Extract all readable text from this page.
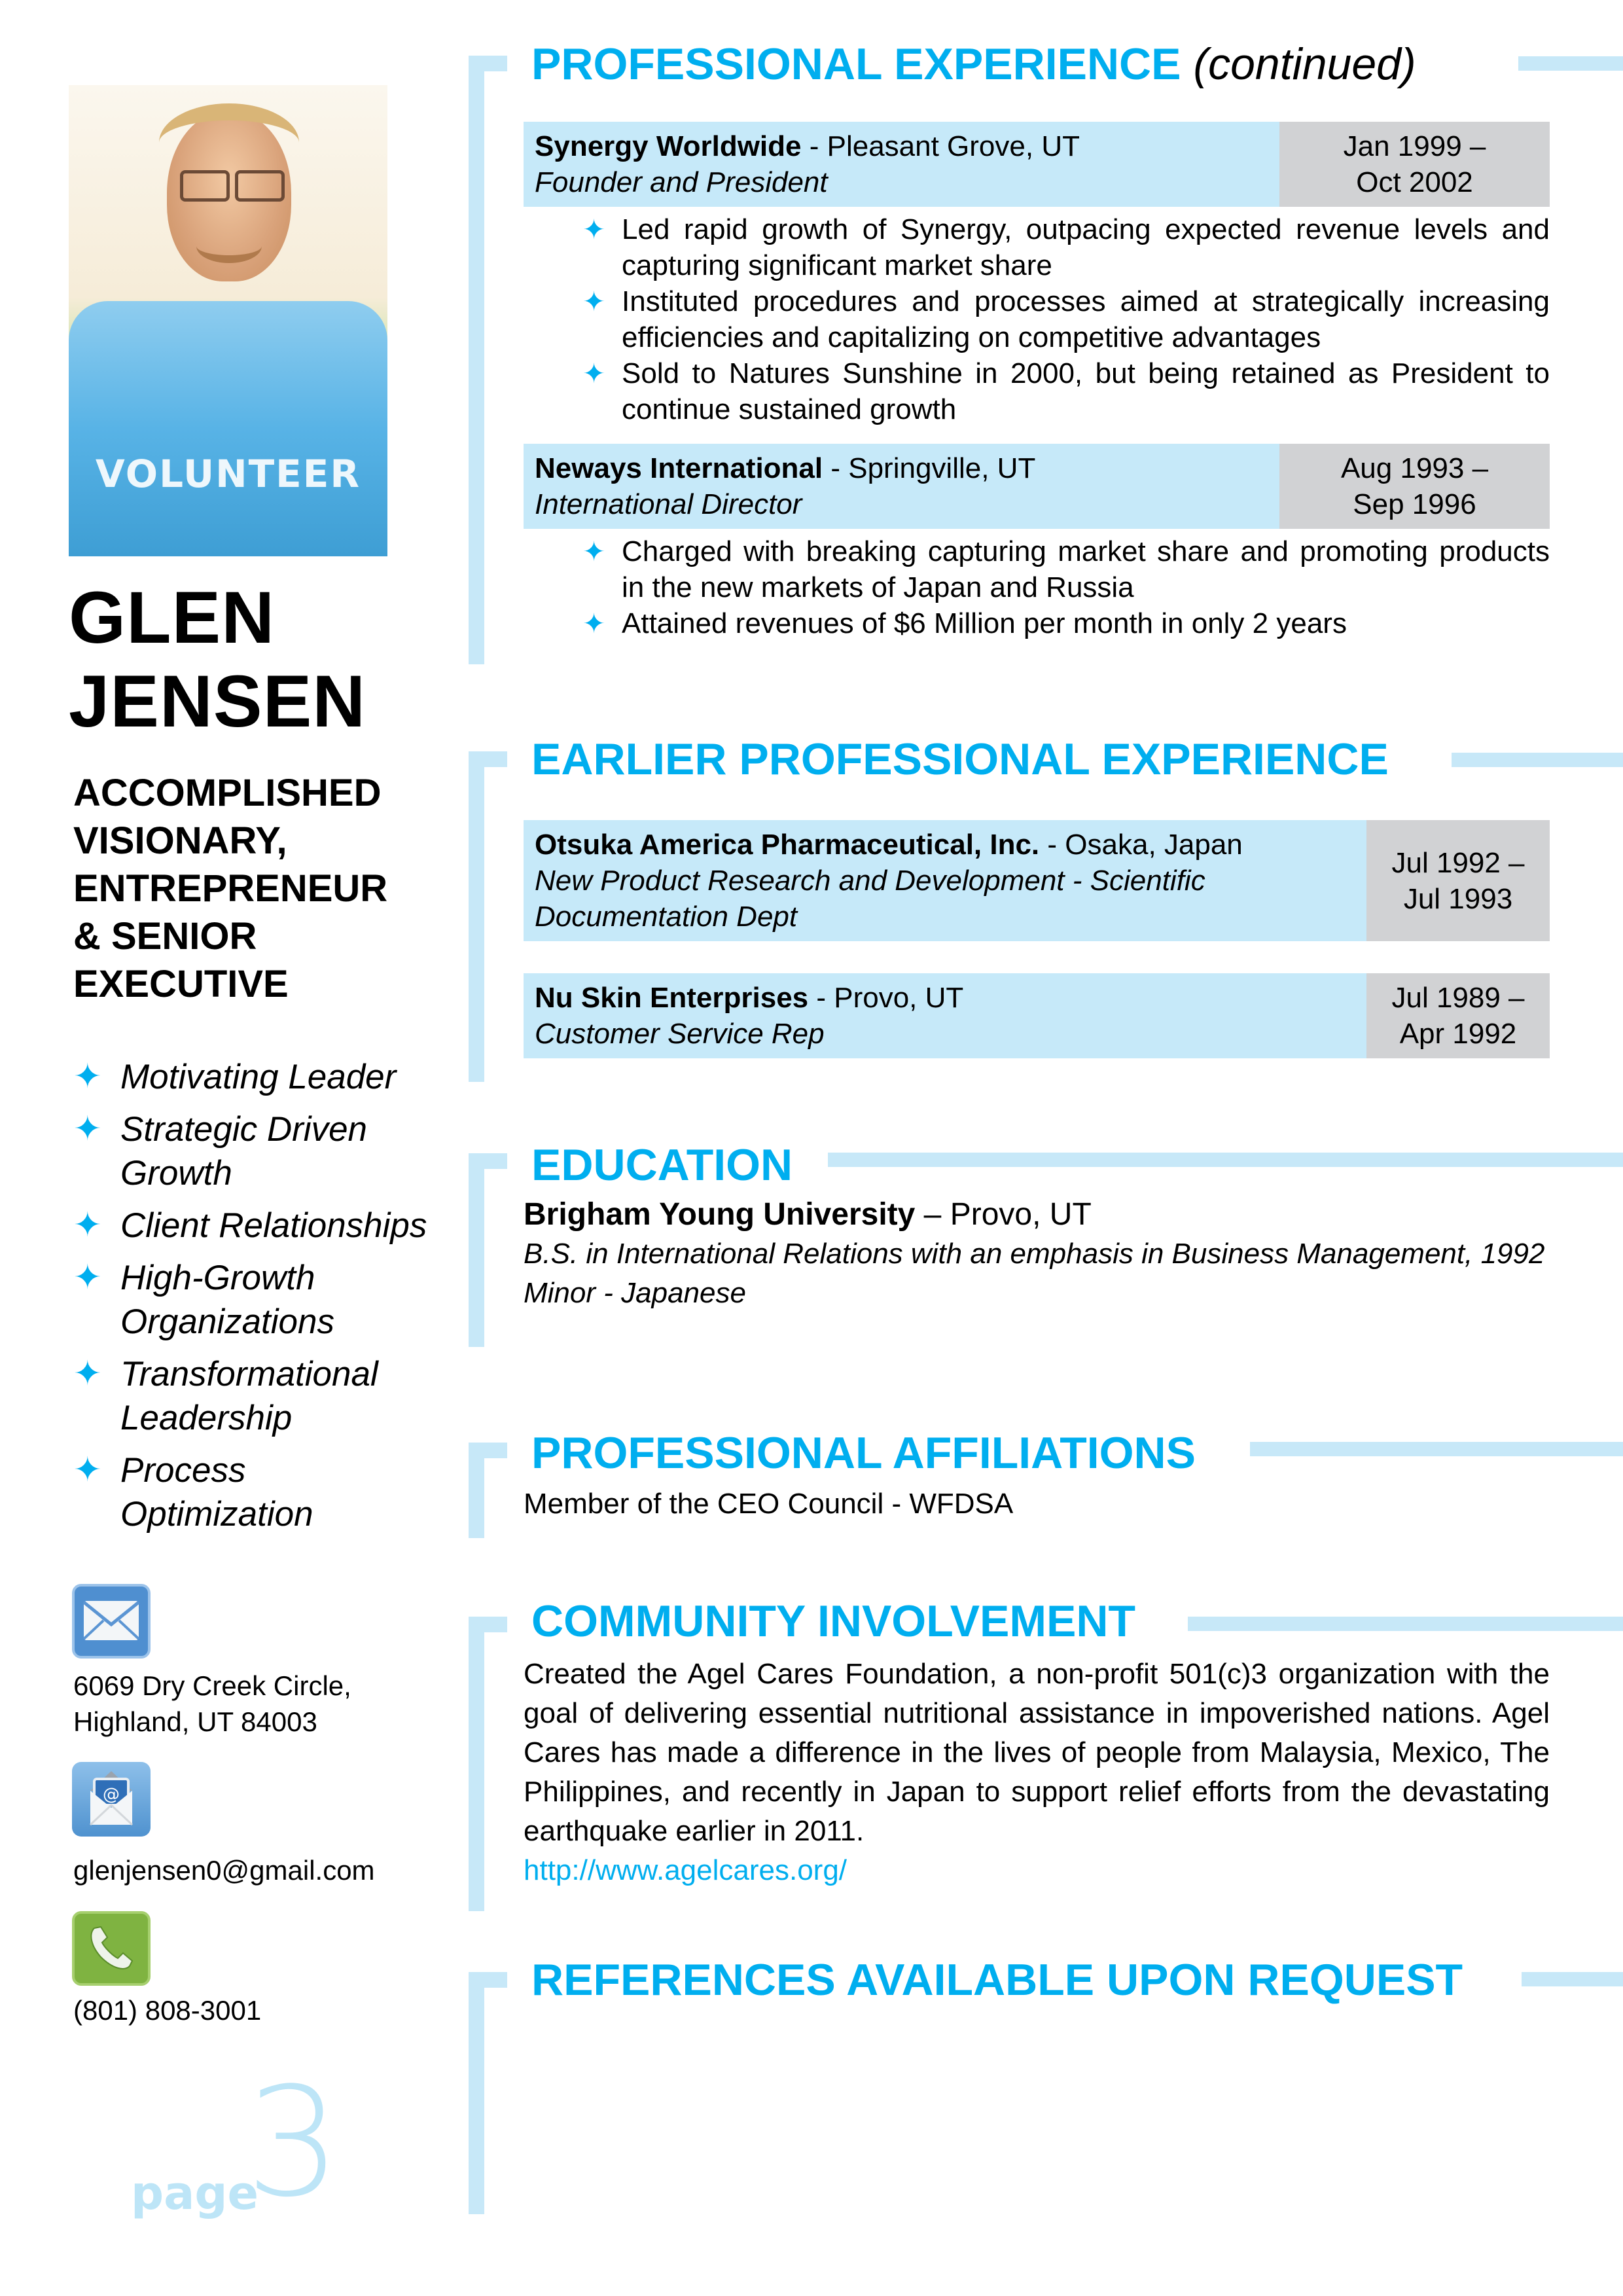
VOLUNTEER
GLEN
JENSEN
ACCOMPLISHED
VISIONARY,
ENTREPRENEUR
& SENIOR
EXECUTIVE
✦ Motivating Leader
✦ Strategic Driven
Growth
✦ Client Relationships
✦ High-Growth
Organizations
✦ Transformational
Leadership
✦ Process
Optimization
6069 Dry Creek Circle,
Highland, UT 84003
@
glenjensen0@gmail.com
(801) 808-3001
page
3
PROFESSIONAL EXPERIENCE (continued)
Synergy Worldwide - Pleasant Grove, UT
Founder and President
Jan 1999 –
Oct 2002
✦ Led rapid growth of Synergy, outpacing expected revenue levels and capturing significant market share
✦ Instituted procedures and processes aimed at strategically increasing efficiencies and capitalizing on competitive advantages
✦ Sold to Natures Sunshine in 2000, but being retained as President to continue sustained growth
Neways International - Springville, UT
International Director
Aug 1993 –
Sep 1996
✦ Charged with breaking capturing market share and promoting products in the new markets of Japan and Russia
✦ Attained revenues of $6 Million per month in only 2 years
EARLIER PROFESSIONAL EXPERIENCE
Otsuka America Pharmaceutical, Inc. - Osaka, Japan
New Product Research and Development - Scientific Documentation Dept
Jul 1992 –
Jul 1993
Nu Skin Enterprises - Provo, UT
Customer Service Rep
Jul 1989 –
Apr 1992
EDUCATION
Brigham Young University – Provo, UT
B.S. in International Relations with an emphasis in Business Management, 1992
Minor - Japanese
PROFESSIONAL AFFILIATIONS
Member of the CEO Council - WFDSA
COMMUNITY INVOLVEMENT
Created the Agel Cares Foundation, a non-profit 501(c)3 organization with the goal of delivering essential nutritional assistance in impoverished nations. Agel Cares has made a difference in the lives of people from Malaysia, Mexico, The Philippines, and recently in Japan to support relief efforts from the devastating earthquake earlier in 2011.
http://www.agelcares.org/
REFERENCES AVAILABLE UPON REQUEST
